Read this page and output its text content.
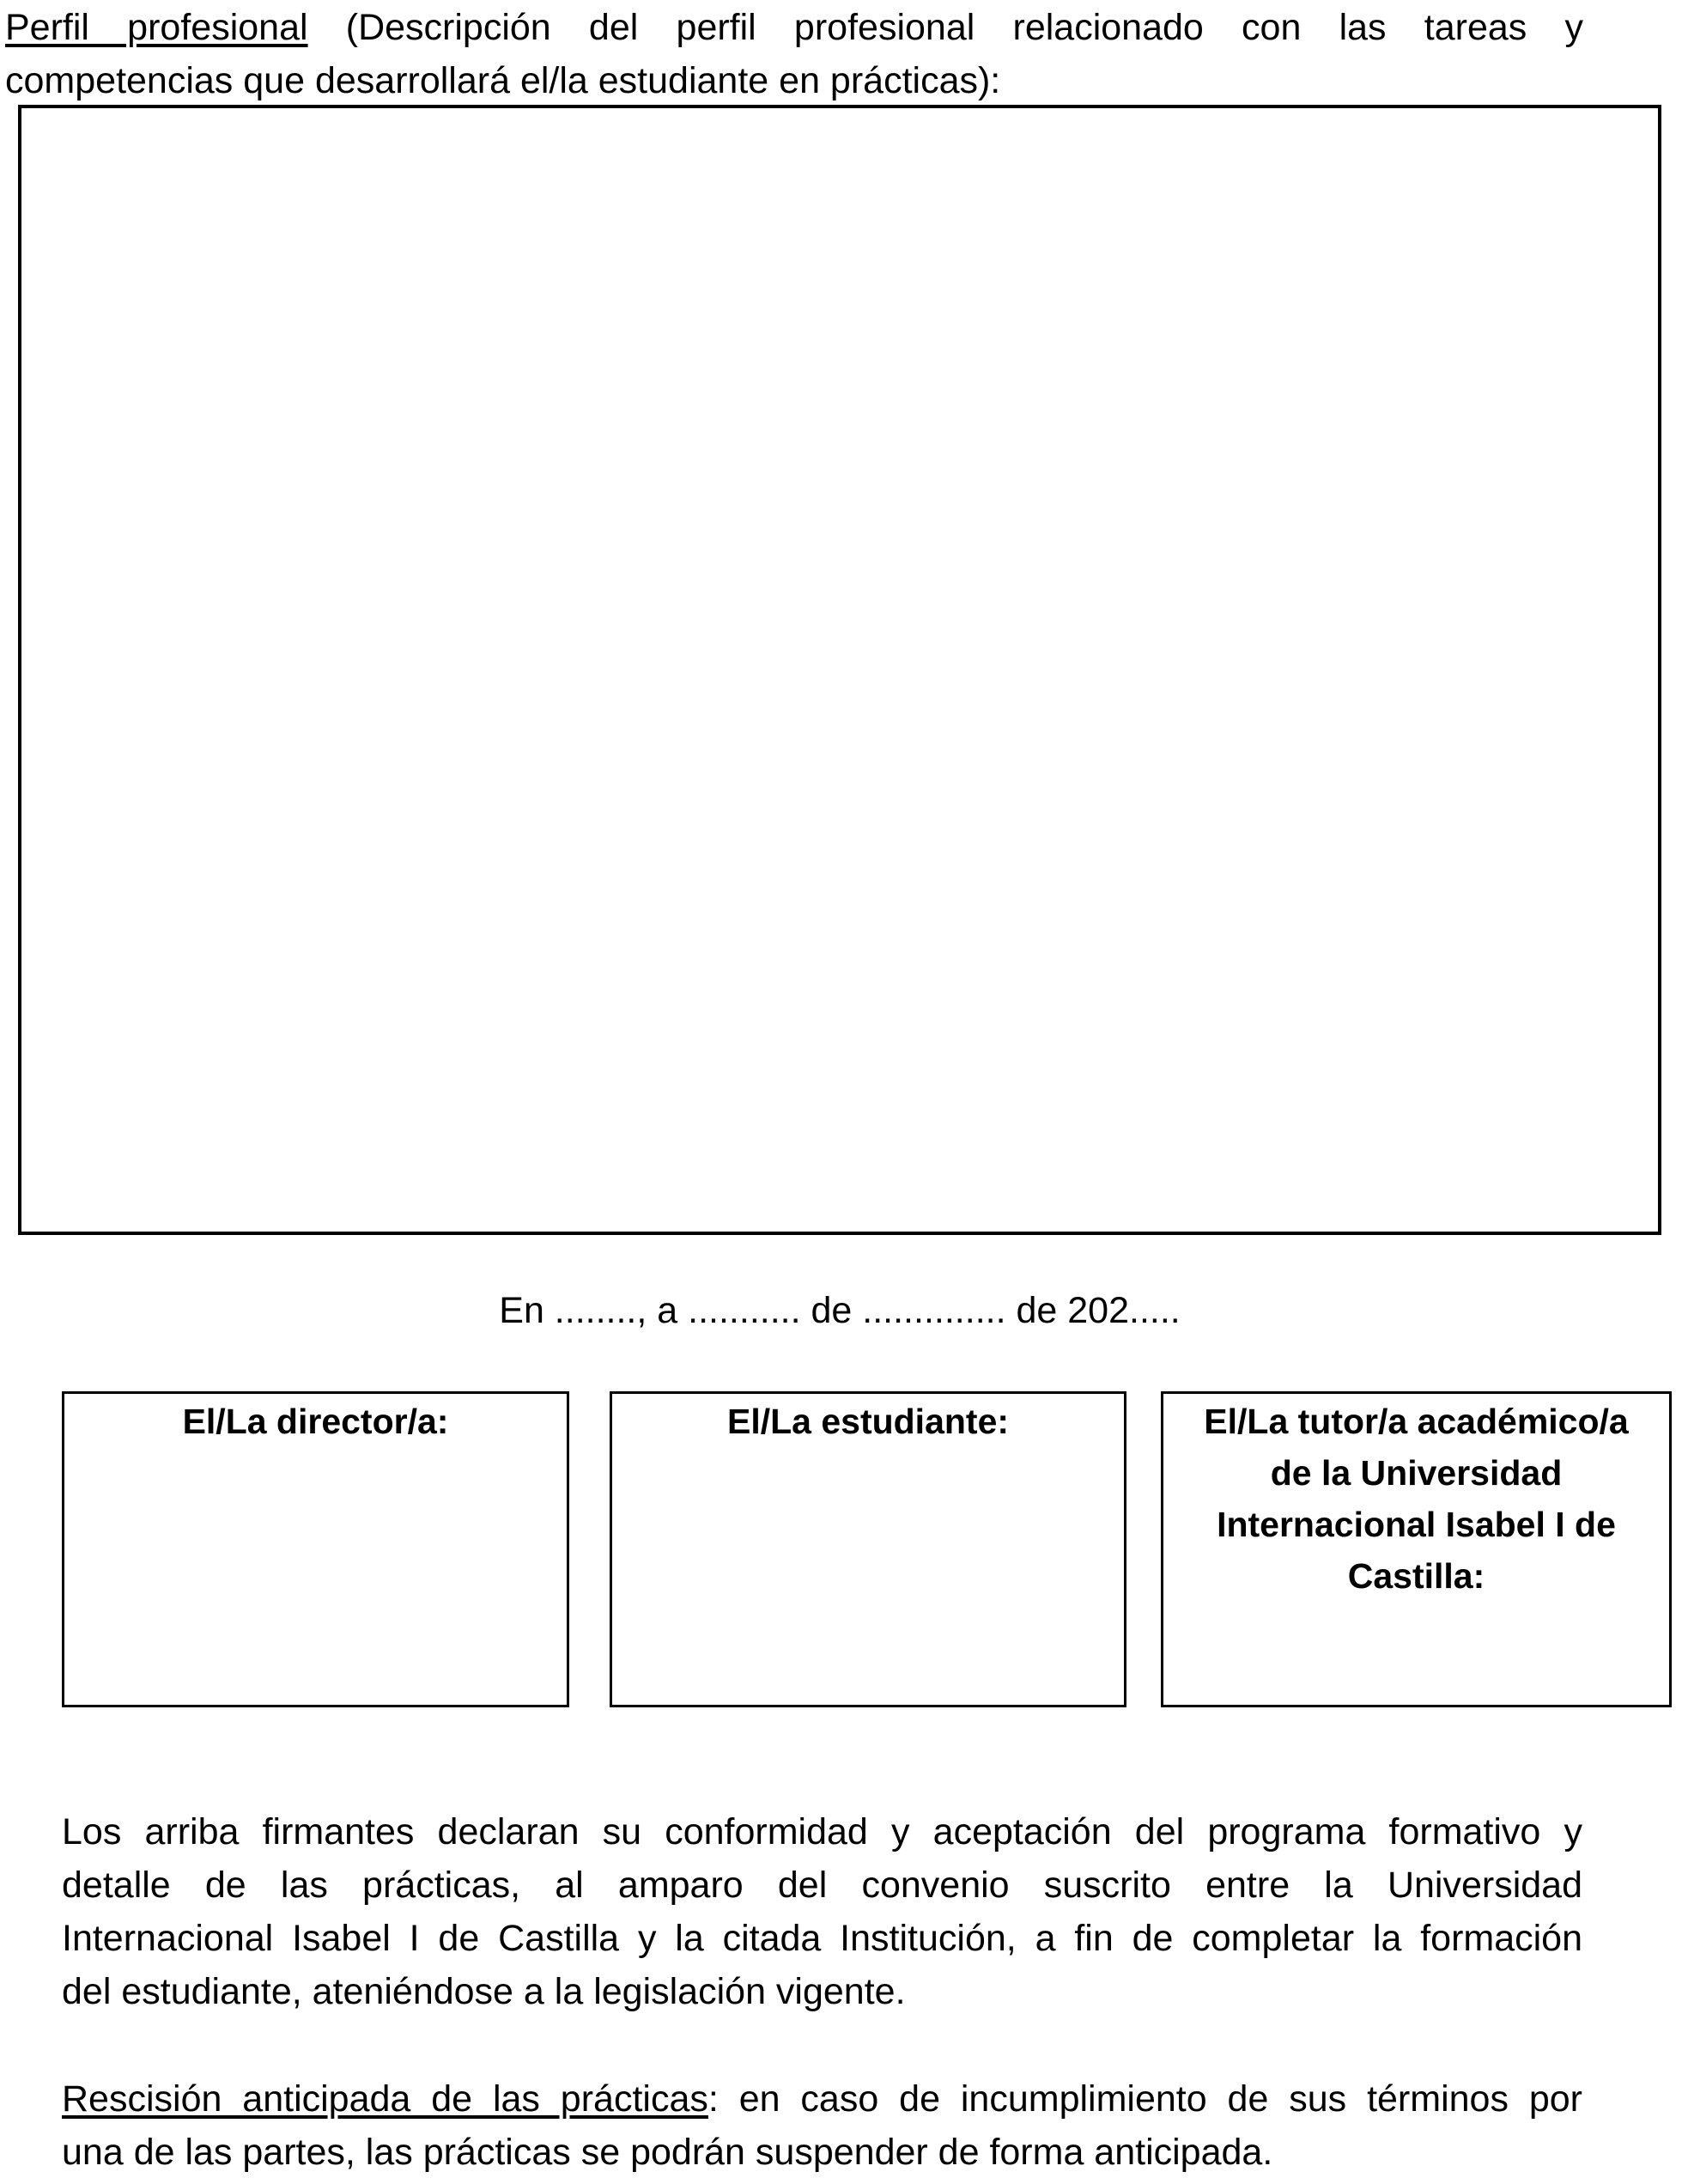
Perfil profesional (Descripción del perfil profesional relacionado con las tareas y
competencias que desarrollará el/la estudiante en prácticas):
En ........, a ........... de .............. de 202.....
El/La director/a:	El/La estudiante:	El/La tutor/a académico/a
de la Universidad
Internacional Isabel I de
Castilla:
Los arriba firmantes declaran su conformidad y aceptación del programa formativo y
detalle de las prácticas, al amparo del convenio suscrito entre la Universidad
Internacional Isabel I de Castilla y la citada Institución, a fin de completar la formación
del estudiante, ateniéndose a la legislación vigente.
Rescisión anticipada de las prácticas: en caso de incumplimiento de sus términos por
una de las partes, las prácticas se podrán suspender de forma anticipada.
